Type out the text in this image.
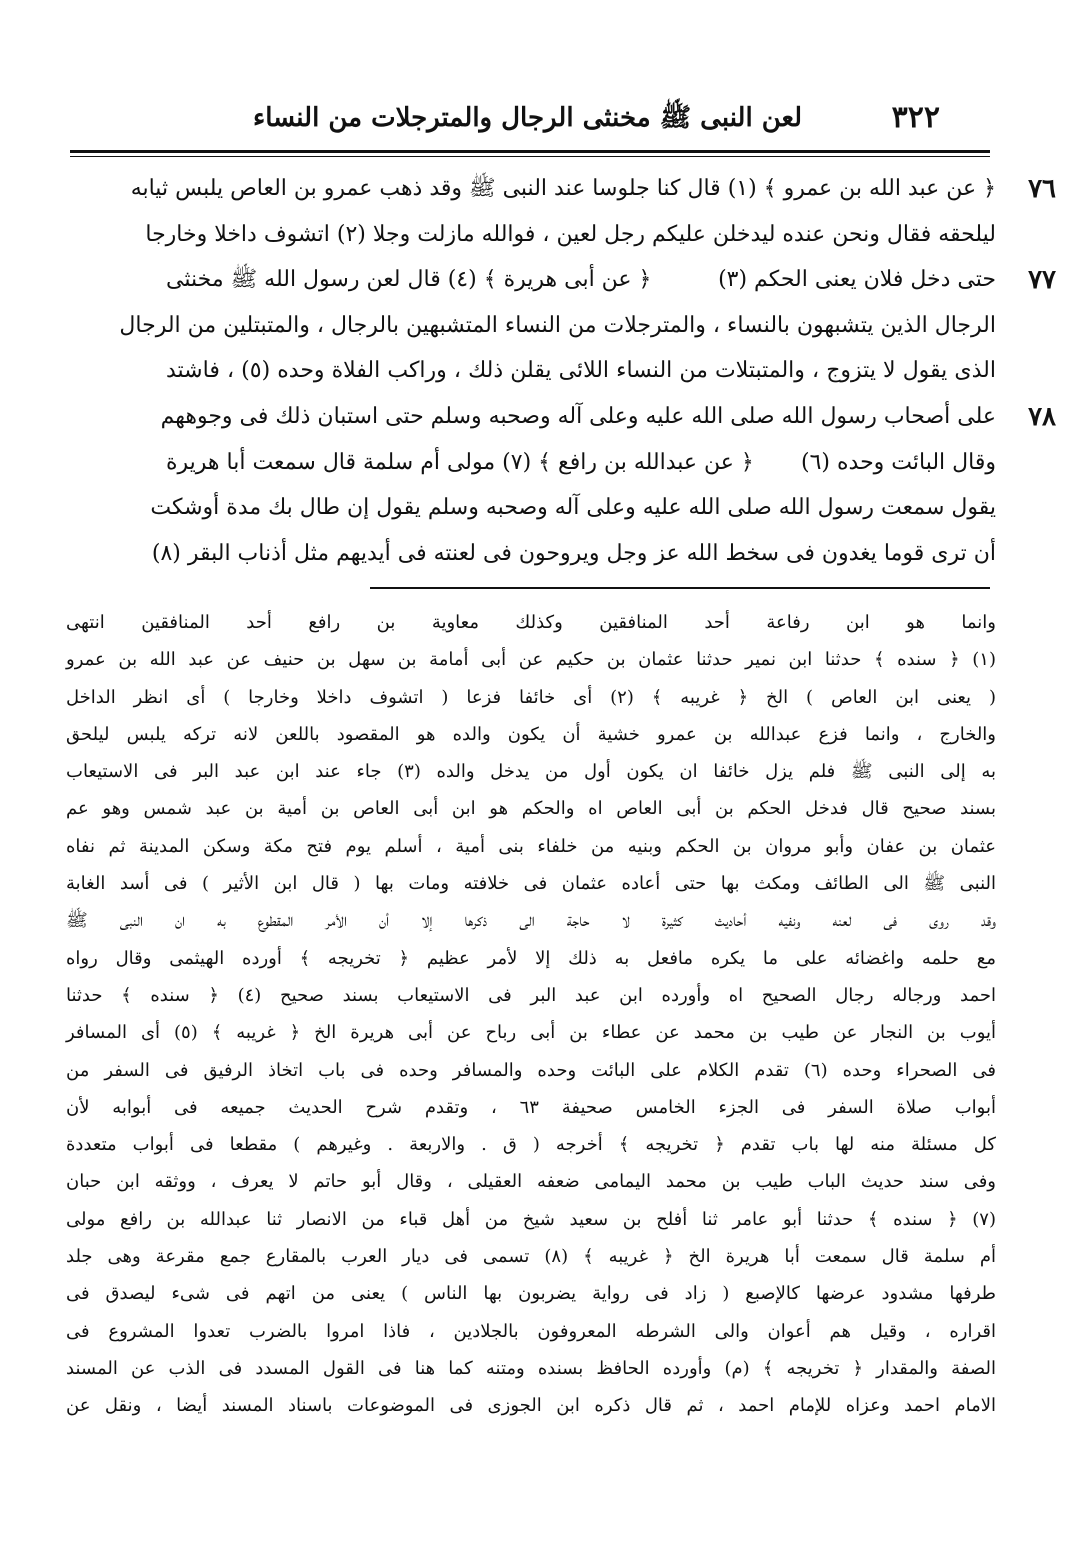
٣٢٢
لعن النبى ﷺ مخنثى الرجال والمترجلات من النساء
٧٦
﴿ عن عبد الله بن عمرو ﴾ (١) قال كنا جلوسا عند النبى ﷺ وقد ذهب عمرو بن العاص يلبس ثيابه
ليلحقه فقال ونحن عنده ليدخلن عليكم رجل لعين ، فوالله مازلت وجلا (٢) اتشوف داخلا وخارجا
٧٧
حتى دخل فلان يعنى الحكم (٣)
﴿ عن أبى هريرة ﴾ (٤) قال لعن رسول الله ﷺ مخنثى
الرجال الذين يتشبهون بالنساء ، والمترجلات من النساء المتشبهين بالرجال ، والمتبتلين من الرجال
الذى يقول لا يتزوج ، والمتبتلات من النساء اللائى يقلن ذلك ، وراكب الفلاة وحده (٥) ، فاشتد
على أصحاب رسول الله صلى الله عليه وعلى آله وصحبه وسلم حتى استبان ذلك فى وجوههم ٧٨
وقال البائت وحده (٦)
﴿ عن عبدالله بن رافع ﴾ (٧) مولى أم سلمة قال سمعت أبا هريرة
يقول سمعت رسول الله صلى الله عليه وعلى آله وصحبه وسلم يقول إن طال بك مدة أوشكت
أن ترى قوما يغدون فى سخط الله عز وجل ويروحون فى لعنته فى أيديهم مثل أذناب البقر (٨)
وانما هو ابن رفاعة أحد المنافقين وكذلك معاوية بن رافع أحد المنافقين انتهى
(١) ﴿ سنده ﴾ حدثنا ابن نمير حدثنا عثمان بن حكيم عن أبى أمامة بن سهل بن حنيف عن عبد الله بن عمرو
( يعنى ابن العاص ) الخ ﴿ غريبه ﴾ (٢) أى خائفا فزعا ( اتشوف داخلا وخارجا ) أى انظر الداخل
والخارج ، وانما فزع عبدالله بن عمرو خشية أن يكون والده هو المقصود باللعن لانه تركه يلبس ليلحق
به إلى النبى ﷺ فلم يزل خائفا ان يكون أول من يدخل والده (٣) جاء عند ابن عبد البر فى الاستيعاب
بسند صحيح قال فدخل الحكم بن أبى العاص اه والحكم هو ابن أبى العاص بن أمية بن عبد شمس وهو عم
عثمان بن عفان وأبو مروان بن الحكم وبنيه من خلفاء بنى أمية ، أسلم يوم فتح مكة وسكن المدينة ثم نفاه
النبى ﷺ الى الطائف ومكث بها حتى أعاده عثمان فى خلافته ومات بها ( قال ابن الأثير ) فى أسد الغابة
وقد روى فى لعنه ونفيه أحاديث كثيرة لا حاجة الى ذكرها إلا أن الأمر المقطوع به ان النبى ﷺ
مع حلمه واغضائه على ما يكره مافعل به ذلك إلا لأمر عظيم ﴿ تخريجه ﴾ أورده الهيثمى وقال رواه
احمد ورجاله رجال الصحيح اه وأورده ابن عبد البر فى الاستيعاب بسند صحيح (٤) ﴿ سنده ﴾ حدثنا
أيوب بن النجار عن طيب بن محمد عن عطاء بن أبى رباح عن أبى هريرة الخ ﴿ غريبه ﴾ (٥) أى المسافر
فى الصحراء وحده (٦) تقدم الكلام على البائت وحده والمسافر وحده فى باب اتخاذ الرفيق فى السفر من
أبواب صلاة السفر فى الجزء الخامس صحيفة ٦٣ ، وتقدم شرح الحديث جميعه فى أبوابه لأن
كل مسئلة منه لها باب تقدم ﴿ تخريجه ﴾ أخرجه ( ق . والاربعة . وغيرهم ) مقطعا فى أبواب متعددة
وفى سند حديث الباب طيب بن محمد اليمامى ضعفه العقيلى ، وقال أبو حاتم لا يعرف ، ووثقه ابن حبان
(٧) ﴿ سنده ﴾ حدثنا أبو عامر ثنا أفلح بن سعيد شيخ من أهل قباء من الانصار ثنا عبدالله بن رافع مولى
أم سلمة قال سمعت أبا هريرة الخ ﴿ غريبه ﴾ (٨) تسمى فى ديار العرب بالمقارع جمع مقرعة وهى جلد
طرفها مشدود عرضها كالإصبع ( زاد فى رواية يضربون بها الناس ) يعنى من اتهم فى شىء ليصدق فى
اقراره ، وقيل هم أعوان والى الشرطه المعروفون بالجلادين ، فاذا امروا بالضرب تعدوا المشروع فى
الصفة والمقدار ﴿ تخريجه ﴾ (م) وأورده الحافظ بسنده ومتنه كما هنا فى القول المسدد فى الذب عن المسند
الامام احمد وعزاه للإمام احمد ، ثم قال ذكره ابن الجوزى فى الموضوعات باسناد المسند أيضا ، ونقل عن
